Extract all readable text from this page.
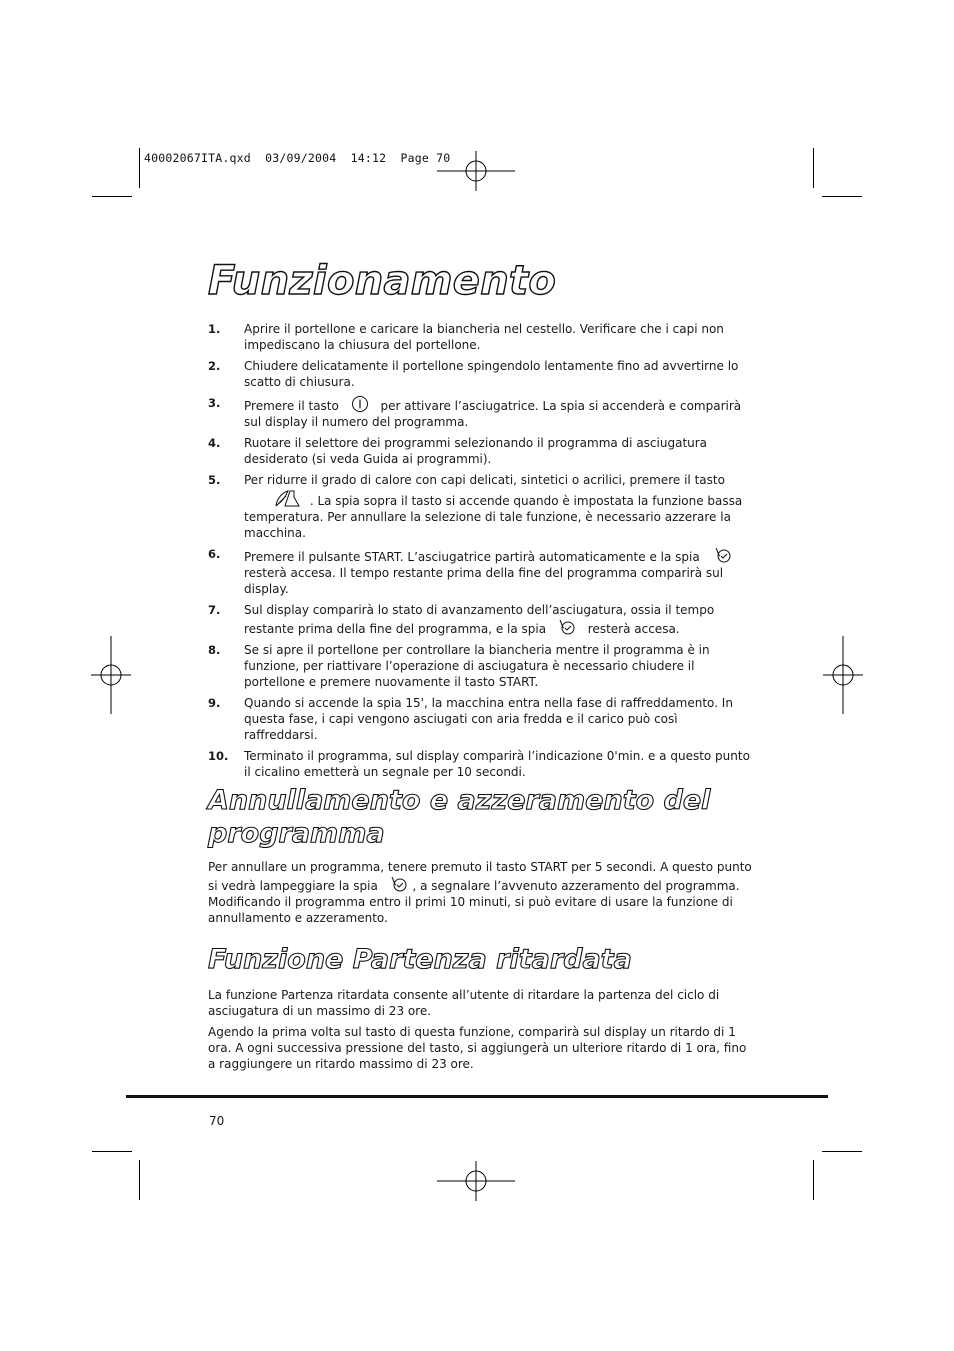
40002067ITA.qxd  03/09/2004  14:12  Page 70
Funzionamento
1.	Aprire il portellone e caricare la biancheria nel cestello. Verificare che i capi non impediscano la chiusura del portellone.
2.	Chiudere delicatamente il portellone spingendolo lentamente fino ad avvertirne lo scatto di chiusura.
3.	Premere il tasto	per attivare l’asciugatrice. La spia si accenderà e comparirà sul display il numero del programma.
4.	Ruotare il selettore dei programmi selezionando il programma di asciugatura desiderato (si veda Guida ai programmi).
5.	Per ridurre il grado di calore con capi delicati, sintetici o acrilici, premere il tasto  . La spia sopra il tasto si accende quando è impostata la funzione bassa temperatura. Per annullare la selezione di tale funzione, è necessario azzerare la macchina.
6.	Premere il pulsante START. L’asciugatrice partirà automaticamente e la spia  resterà accesa. Il tempo restante prima della fine del programma comparirà sul display.
7.	Sul display comparirà lo stato di avanzamento dell’asciugatura, ossia il tempo restante prima della fine del programma, e la spia	resterà accesa.
8.	Se si apre il portellone per controllare la biancheria mentre il programma è in funzione, per riattivare l’operazione di asciugatura è necessario chiudere il portellone e premere nuovamente il tasto START.
9.	Quando si accende la spia 15', la macchina entra nella fase di raffreddamento. In questa fase, i capi vengono asciugati con aria fredda e il carico può così raffreddarsi.
10.	Terminato il programma, sul display comparirà l’indicazione 0'min. e a questo punto il cicalino emetterà un segnale per 10 secondi.
Annullamento e azzeramento del
programma

Per annullare un programma, tenere premuto il tasto START per 5 secondi. A questo punto si vedrà lampeggiare la spia	, a segnalare l’avvenuto azzeramento del programma. Modificando il programma entro il primi 10 minuti, si può evitare di usare la funzione di annullamento e azzeramento.

Funzione Partenza ritardata

La funzione Partenza ritardata consente all’utente di ritardare la partenza del ciclo di asciugatura di un massimo di 23 ore.

Agendo la prima volta sul tasto di questa funzione, comparirà sul display un ritardo di 1 ora. A ogni successiva pressione del tasto, si aggiungerà un ulteriore ritardo di 1 ora, fino a raggiungere un ritardo massimo di 23 ore.

70
